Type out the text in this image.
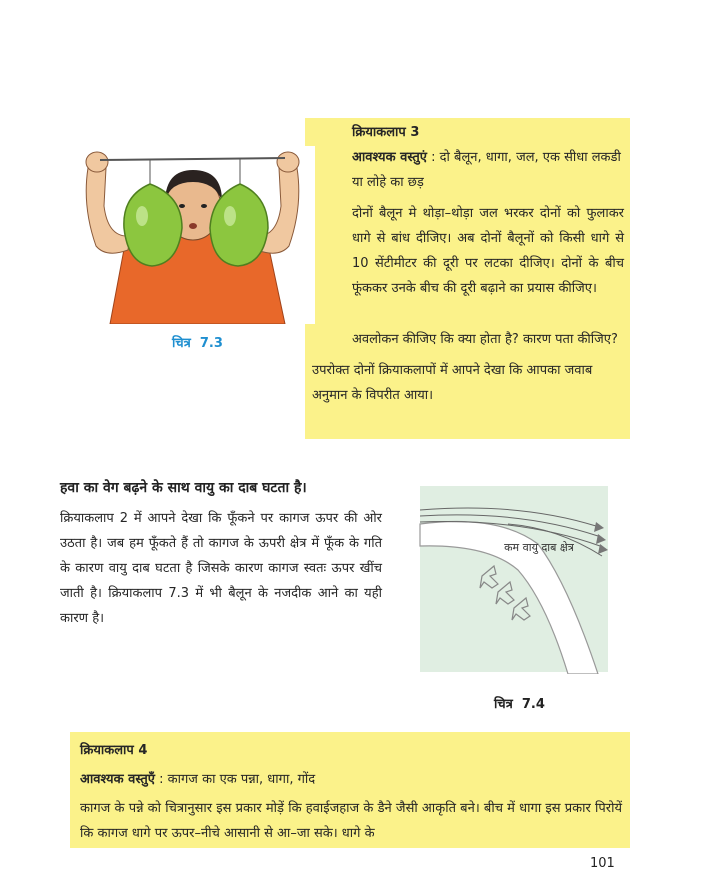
क्रियाकलाप 3

आवश्यक वस्तुएं : दो बैलून, धागा, जल, एक सीधा लकडी या लोहे का छड़

दोनों बैलून मे थोड़ा–थोड़ा जल भरकर दोनों को फुलाकर धागे से बांध दीजिए। अब दोनों बैलूनों को किसी धागे से 10 सेंटीमीटर की दूरी पर लटका दीजिए। दोनों के बीच फूंककर उनके बीच की दूरी बढ़ाने का प्रयास कीजिए।

अवलोकन कीजिए कि क्या होता है? कारण पता कीजिए?

उपरोक्त दोनों क्रियाकलापों में आपने देखा कि आपका जवाब अनुमान के विपरीत आया।

चित्र  7.3

हवा का वेग बढ़ने के साथ वायु का दाब घटता है।

क्रियाकलाप 2 में आपने देखा कि फूँकने पर कागज ऊपर की ओर उठता है। जब हम फूँकते हैं तो कागज के ऊपरी क्षेत्र में फूँक के गति के कारण वायु दाब घटता है जिसके कारण कागज स्वतः ऊपर खींच जाती है। क्रियाकलाप 7.3 में भी बैलून के नजदीक आने का यही कारण है।

कम वायु दाब क्षेत्र
चित्र  7.4

क्रियाकलाप 4

आवश्यक वस्तुएँ : कागज का एक पन्ना, धागा, गोंद

कागज के पन्ने को चित्रानुसार इस प्रकार मोड़ें कि हवाईजहाज के डैने जैसी आकृति बने। बीच में धागा इस प्रकार पिरोयें कि कागज धागे पर ऊपर–नीचे आसानी से आ–जा सके। धागे के

101
